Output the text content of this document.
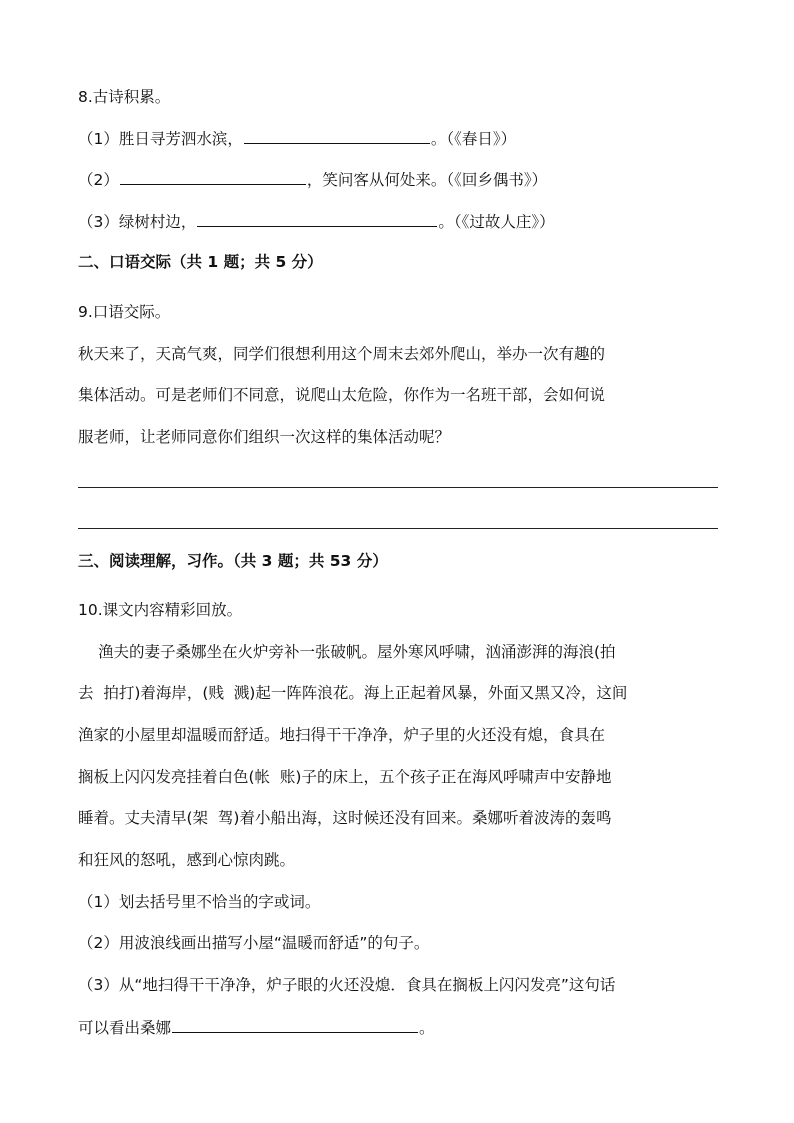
8.古诗积累。
（1）胜日寻芳泗水滨，	。（《春日》）
（2）	，笑问客从何处来。（《回乡偶书》）
（3）绿树村边，	。（《过故人庄》）
二、口语交际（共 1 题；共 5 分）
9.口语交际。
秋天来了，天高气爽，同学们很想利用这个周末去郊外爬山，举办一次有趣的
集体活动。可是老师们不同意，说爬山太危险，你作为一名班干部，会如何说
服老师，让老师同意你们组织一次这样的集体活动呢？
三、阅读理解，习作。（共 3 题；共 53 分）
10.课文内容精彩回放。
渔夫的妻子桑娜坐在火炉旁补一张破帆。屋外寒风呼啸，汹涌澎湃的海浪(拍
去  拍打)着海岸，(贱  溅)起一阵阵浪花。海上正起着风暴，外面又黑又冷，这间
渔家的小屋里却温暖而舒适。地扫得干干净净，炉子里的火还没有熄，食具在
搁板上闪闪发亮挂着白色(帐  账)子的床上，五个孩子正在海风呼啸声中安静地
睡着。丈夫清早(架  驾)着小船出海，这时候还没有回来。桑娜听着波涛的轰鸣
和狂风的怒吼，感到心惊肉跳。
（1）划去括号里不恰当的字或词。
（2）用波浪线画出描写小屋“温暖而舒适”的句子。
（3）从“地扫得干干净净，炉子眼的火还没熄．食具在搁板上闪闪发亮”这句话
可以看出桑娜	。
